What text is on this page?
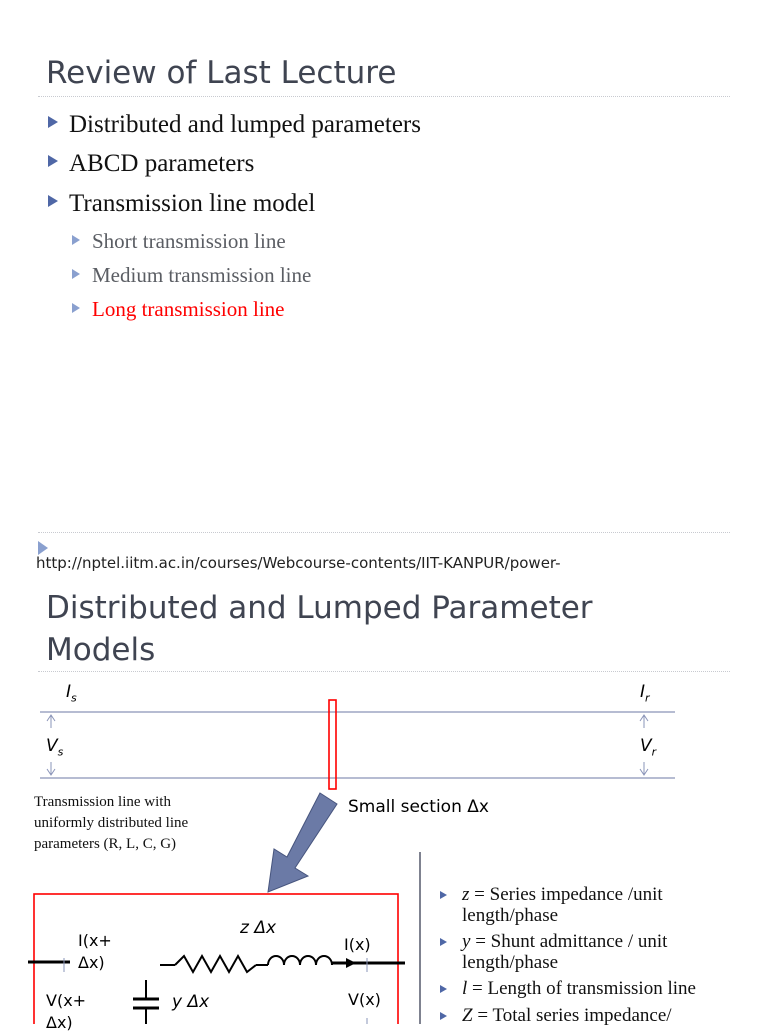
Review of Last Lecture
Distributed and lumped parameters
ABCD parameters
Transmission line model
Short transmission line
Medium transmission line
Long transmission line
http://nptel.iitm.ac.in/courses/Webcourse-contents/IIT-KANPUR/power-
Distributed and Lumped Parameter
Models
$I_s$	$I_r$
$V_s$	$V_r$
Transmission line with
uniformly distributed line
parameters (R, L, C, G)
Small section Δx
z Δx
y Δx
I(x+
Δx)
I(x)
V(x+
Δx)
V(x)
z = Series impedance /unit
length/phase
y = Shunt admittance / unit
length/phase
l = Length of transmission line
Z = Total series impedance/
